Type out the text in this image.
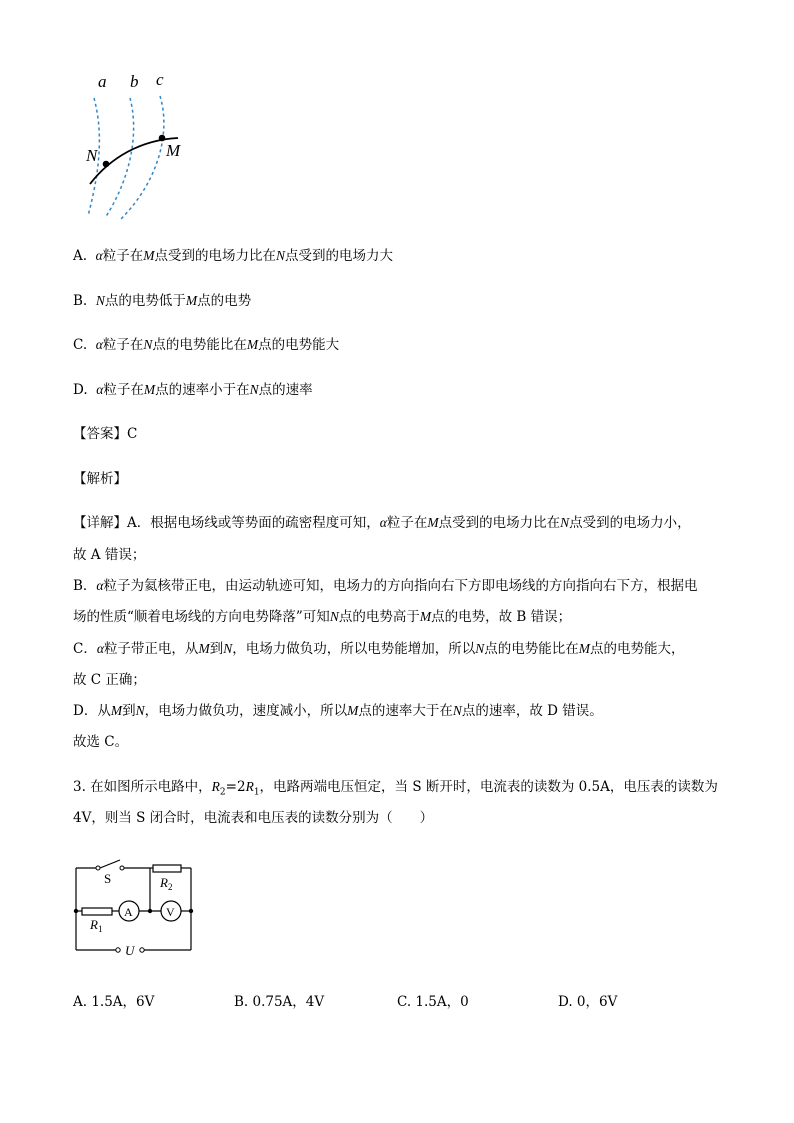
a b c
N	M
A. α粒子在M点受到的电场力比在N点受到的电场力大
B. N点的电势低于M点的电势
C. α粒子在N点的电势能比在M点的电势能大
D. α粒子在M点的速率小于在N点的速率
【答案】C
【解析】
【详解】A．根据电场线或等势面的疏密程度可知，α粒子在M点受到的电场力比在N点受到的电场力小，
故 A 错误；
B．α粒子为氦核带正电，由运动轨迹可知，电场力的方向指向右下方即电场线的方向指向右下方，根据电
场的性质“顺着电场线的方向电势降落”可知N点的电势高于M点的电势，故 B 错误；
C．α粒子带正电，从M到N，电场力做负功，所以电势能增加，所以N点的电势能比在M点的电势能大，
故 C 正确；
D．从M到N，电场力做负功，速度减小，所以M点的速率大于在N点的速率，故 D 错误。
故选 C。
3. 在如图所示电路中，$R_2=2R_1$，电路两端电压恒定，当 S 断开时，电流表的读数为 0.5A，电压表的读数为
4V，则当 S 闭合时，电流表和电压表的读数分别为（　　）
S	$R_2$
$R_1$
A	V
U
A. 1.5A，6V	B. 0.75A，4V	C. 1.5A，0	D. 0，6V
